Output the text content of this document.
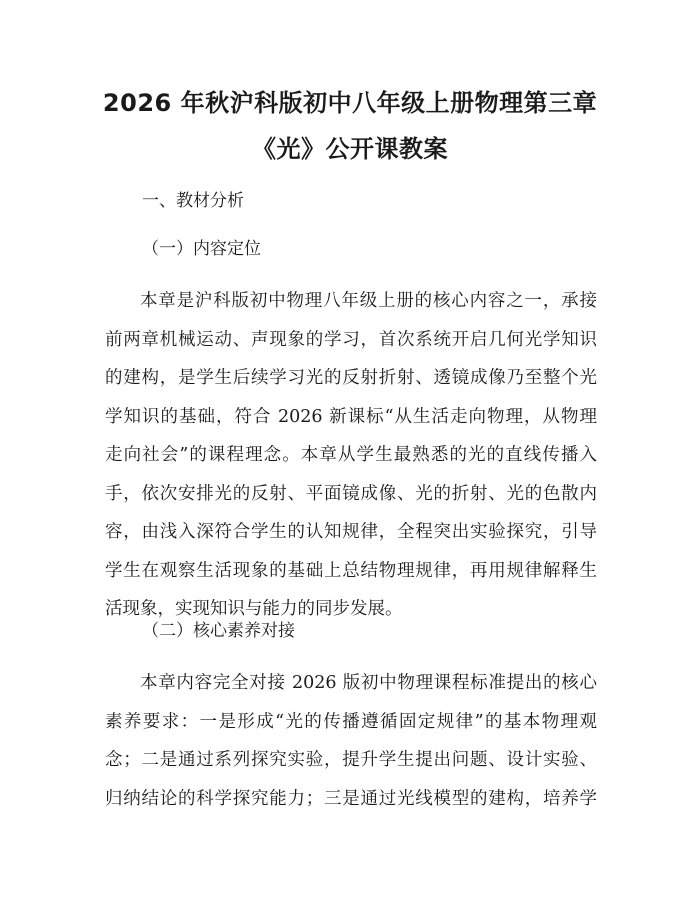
2026 年秋沪科版初中八年级上册物理第三章
《光》公开课教案
一、教材分析
（一）内容定位
本章是沪科版初中物理八年级上册的核心内容之一，承接
前两章机械运动、声现象的学习，首次系统开启几何光学知识
的建构，是学生后续学习光的反射折射、透镜成像乃至整个光
学知识的基础，符合 2026 新课标“从生活走向物理，从物理
走向社会”的课程理念。本章从学生最熟悉的光的直线传播入
手，依次安排光的反射、平面镜成像、光的折射、光的色散内
容，由浅入深符合学生的认知规律，全程突出实验探究，引导
学生在观察生活现象的基础上总结物理规律，再用规律解释生
活现象，实现知识与能力的同步发展。
（二）核心素养对接
本章内容完全对接 2026 版初中物理课程标准提出的核心
素养要求：一是形成“光的传播遵循固定规律”的基本物理观
念；二是通过系列探究实验，提升学生提出问题、设计实验、
归纳结论的科学探究能力；三是通过光线模型的建构，培养学
